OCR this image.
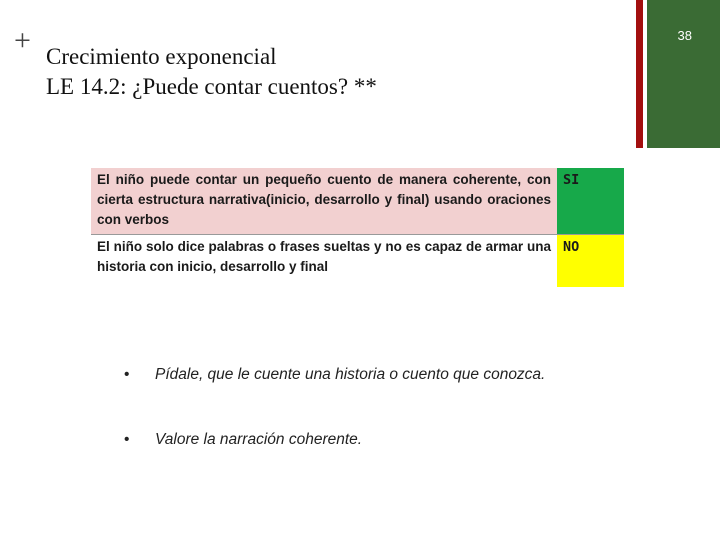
+ Crecimiento exponencial
LE 14.2: ¿Puede contar cuentos? **
38
El niño puede contar un pequeño cuento de manera coherente, con cierta estructura narrativa(inicio, desarrollo y final) usando oraciones con verbos	SI
El niño solo dice palabras o frases sueltas y no es capaz de armar una historia con inicio, desarrollo y final	NO
• Pídale, que le cuente una historia o cuento que conozca.
• Valore la narración coherente.
